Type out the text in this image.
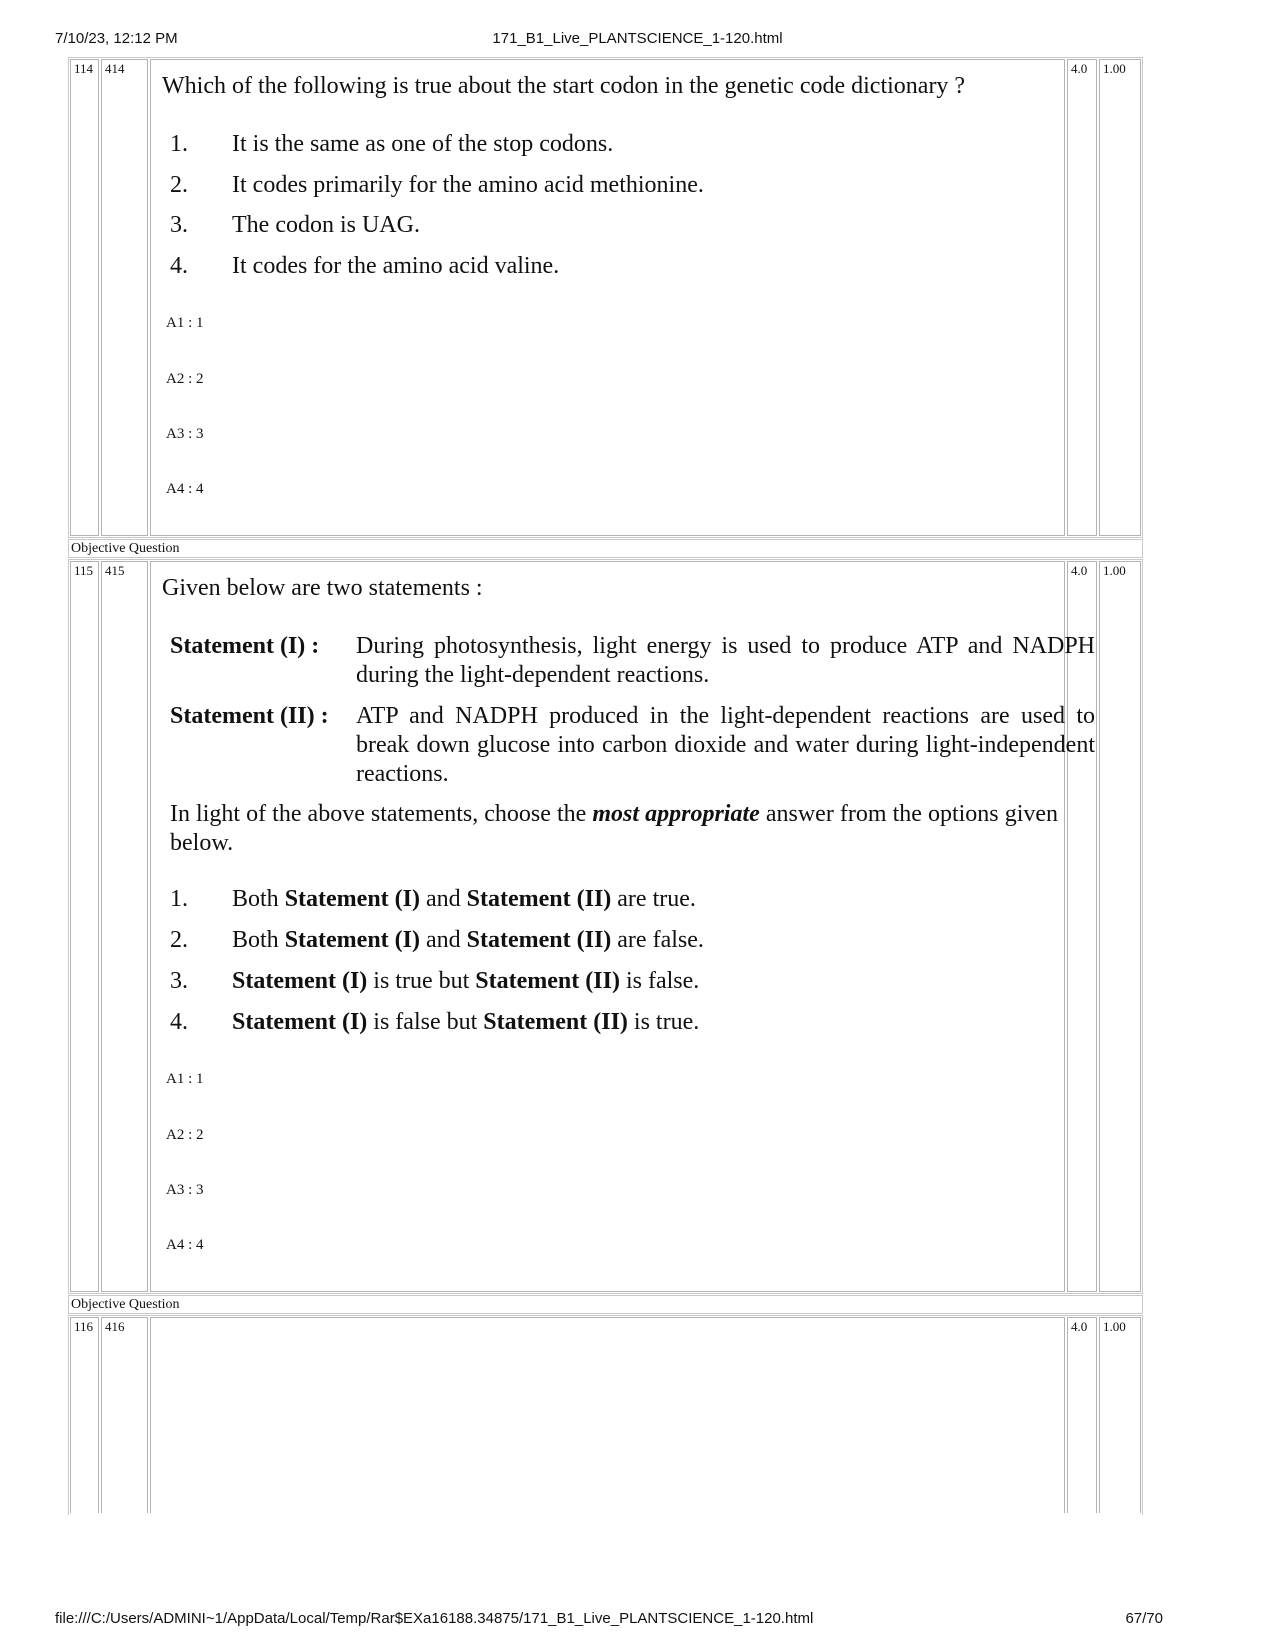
7/10/23, 12:12 PM	171_B1_Live_PLANTSCIENCE_1-120.html
114 414	4.0	1.00
Which of the following is true about the start codon in the genetic code dictionary ?
1. It is the same as one of the stop codons.
2. It codes primarily for the amino acid methionine.
3. The codon is UAG.
4. It codes for the amino acid valine.
A1 : 1
A2 : 2
A3 : 3
A4 : 4
Objective Question
115 415	4.0	1.00
Given below are two statements :
Statement (I) : During photosynthesis, light energy is used to produce ATP and NADPH during the light-dependent reactions.
Statement (II) : ATP and NADPH produced in the light-dependent reactions are used to break down glucose into carbon dioxide and water during light-independent reactions.
In light of the above statements, choose the most appropriate answer from the options given below.
1. Both Statement (I) and Statement (II) are true.
2. Both Statement (I) and Statement (II) are false.
3. Statement (I) is true but Statement (II) is false.
4. Statement (I) is false but Statement (II) is true.
A1 : 1
A2 : 2
A3 : 3
A4 : 4
Objective Question
116 416	4.0	1.00
file:///C:/Users/ADMINI~1/AppData/Local/Temp/Rar$EXa16188.34875/171_B1_Live_PLANTSCIENCE_1-120.html	67/70
